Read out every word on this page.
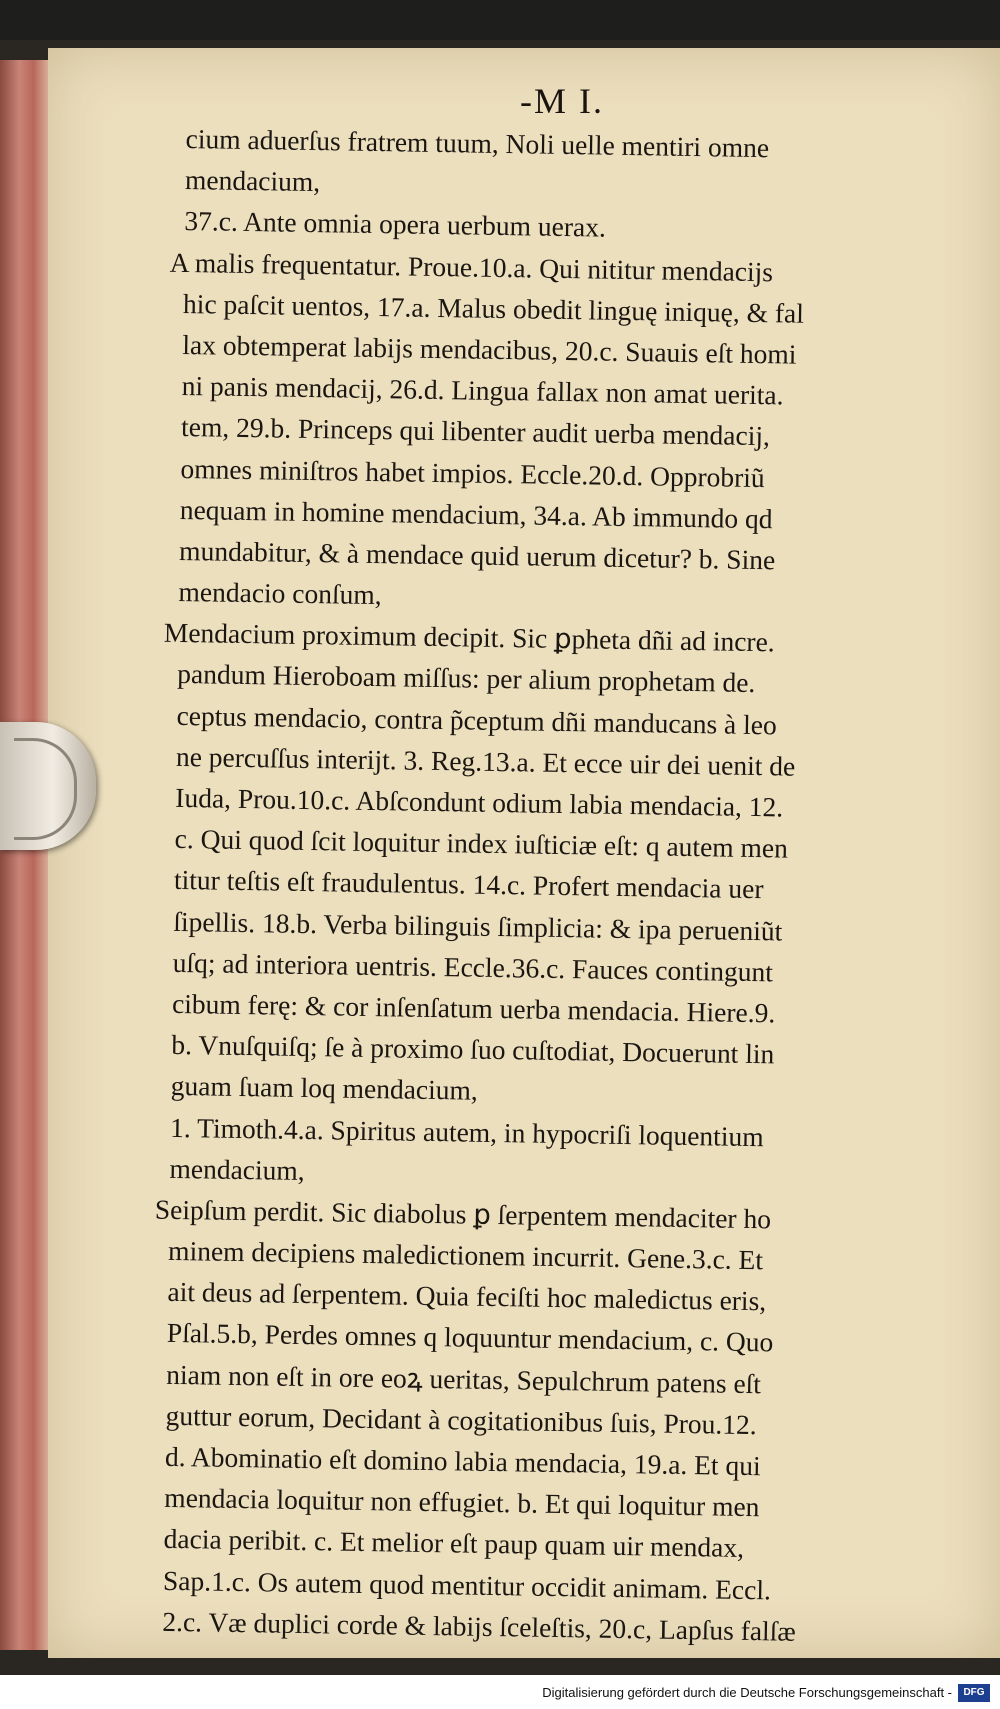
-M I.
cium aduerſus fratrem tuum, Noli uelle mentiri omne
mendacium,
37.c. Ante omnia opera uerbum uerax.
A malis frequentatur. Proue.10.a. Qui nititur mendacijs
hic paſcit uentos, 17.a. Malus obedit linguę iniquę, & fal
lax obtemperat labijs mendacibus, 20.c. Suauis eſt homi
ni panis mendacij, 26.d. Lingua fallax non amat uerita.
tem, 29.b. Princeps qui libenter audit uerba mendacij,
omnes miniſtros habet impios. Eccle.20.d. Opprobriũ
nequam in homine mendacium, 34.a. Ab immundo qd
mundabitur, & à mendace quid uerum dicetur? b. Sine
mendacio conſum,
Mendacium proximum decipit. Sic ꝑpheta dñi ad incre.
pandum Hieroboam miſſus: per alium prophetam de.
ceptus mendacio, contra p̃ceptum dñi manducans à leo
ne percuſſus interijt. 3. Reg.13.a. Et ecce uir dei uenit de
Iuda, Prou.10.c. Abſcondunt odium labia mendacia, 12.
c. Qui quod ſcit loquitur index iuſticiæ eſt: q autem men
titur teſtis eſt fraudulentus. 14.c. Profert mendacia uer
ſipellis. 18.b. Verba bilinguis ſimplicia: & ipa perueniũt
uſq; ad interiora uentris. Eccle.36.c. Fauces contingunt
cibum ferę: & cor inſenſatum uerba mendacia. Hiere.9.
b. Vnuſquiſq; ſe à proximo ſuo cuſtodiat, Docuerunt lin
guam ſuam loq mendacium,
1. Timoth.4.a. Spiritus autem, in hypocriſi loquentium
mendacium,
Seipſum perdit. Sic diabolus ꝑ ſerpentem mendaciter ho
minem decipiens maledictionem incurrit. Gene.3.c. Et
ait deus ad ſerpentem. Quia feciſti hoc maledictus eris,
Pſal.5.b, Perdes omnes q loquuntur mendacium, c. Quo
niam non eſt in ore eoꝝ ueritas, Sepulchrum patens eſt
guttur eorum, Decidant à cogitationibus ſuis, Prou.12.
d. Abominatio eſt domino labia mendacia, 19.a. Et qui
mendacia loquitur non effugiet. b. Et qui loquitur men
dacia peribit. c. Et melior eſt paup quam uir mendax,
Sap.1.c. Os autem quod mentitur occidit animam. Eccl.
2.c. Væ duplici corde & labijs ſceleſtis, 20.c, Lapſus falſæ
Digitalisierung gefördert durch die Deutsche Forschungsgemeinschaft -	DFG
